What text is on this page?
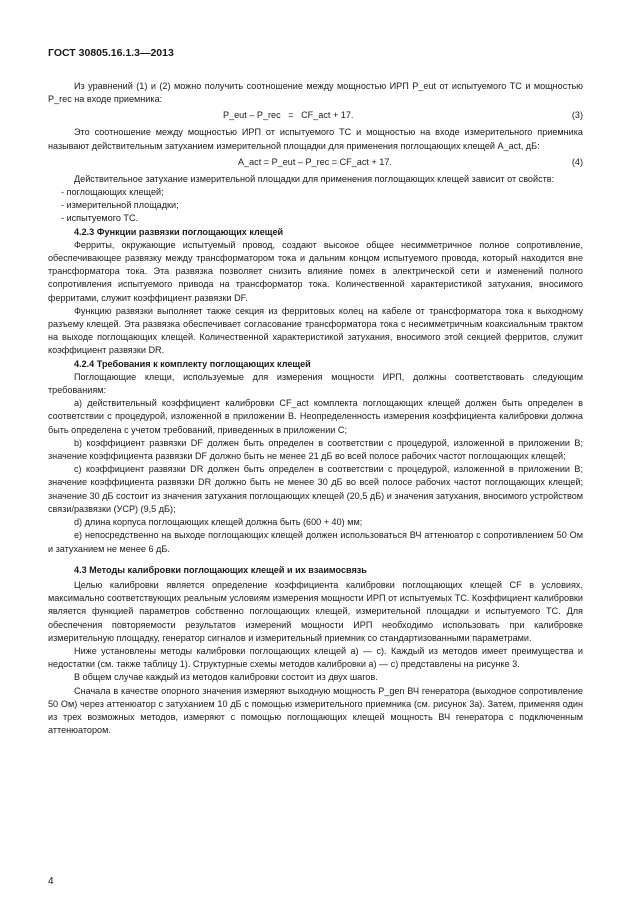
ГОСТ 30805.16.1.3—2013

Из уравнений (1) и (2) можно получить соотношение между мощностью ИРП P_eut от испытуемого ТС и мощностью P_rec на входе приемника:

P_eut – P_rec   =   CF_act + 17.	(3)

Это соотношение между мощностью ИРП от испытуемого ТС и мощностью на входе измерительного приемника называют действительным затуханием измерительной площадки для применения поглощающих клещей A_act, дБ:

A_act = P_eut – P_rec = CF_act + 17.	(4)

Действительное затухание измерительной площадки для применения поглощающих клещей зависит от свойств:

- поглощающих клещей;

- измерительной площадки;

- испытуемого ТС.

4.2.3 Функции развязки поглощающих клещей

Ферриты, окружающие испытуемый провод, создают высокое общее несимметричное полное сопротивление, обеспечивающее развязку между трансформатором тока и дальним концом испытуемого провода, который находится вне трансформатора тока. Эта развязка позволяет снизить влияние помех в электрической сети и изменений полного сопротивления испытуемого привода на трансформатор тока. Количественной характеристикой затухания, вносимого ферритами, служит коэффициент развязки DF.

Функцию развязки выполняет также секция из ферритовых колец на кабеле от трансформатора тока к выходному разъему клещей. Эта развязка обеспечивает согласование трансформатора тока с несимметричным коаксиальным трактом на выходе поглощающих клещей. Количественной характеристикой затухания, вносимого этой секцией ферритов, служит коэффициент развязки DR.

4.2.4 Требования к комплекту поглощающих клещей

Поглощающие клещи, используемые для измерения мощности ИРП, должны соответствовать следующим требованиям:

а) действительный коэффициент калибровки CF_act комплекта поглощающих клещей должен быть определен в соответствии с процедурой, изложенной в приложении В. Неопределенность измерения коэффициента калибровки должна быть определена с учетом требований, приведенных в приложении С;

b) коэффициент развязки DF должен быть определен в соответствии с процедурой, изложенной в приложении В; значение коэффициента развязки DF должно быть не менее 21 дБ во всей полосе рабочих частот поглощающих клещей;

с) коэффициент развязки DR должен быть определен в соответствии с процедурой, изложенной в приложении В; значение коэффициента развязки DR должно быть не менее 30 дБ во всей полосе рабочих частот поглощающих клещей; значение 30 дБ состоит из значения затухания поглощающих клещей (20,5 дБ) и значения затухания, вносимого устройством связи/развязки (УСР) (9,5 дБ);

d) длина корпуса поглощающих клещей должна быть (600 + 40) мм;

е) непосредственно на выходе поглощающих клещей должен использоваться ВЧ аттенюатор с сопротивлением 50 Ом и затуханием не менее 6 дБ.

4.3 Методы калибровки поглощающих клещей и их взаимосвязь

Целью калибровки является определение коэффициента калибровки поглощающих клещей CF в условиях, максимально соответствующих реальным условиям измерения мощности ИРП от испытуемых ТС. Коэффициент калибровки является функцией параметров собственно поглощающих клещей, измерительной площадки и испытуемого ТС. Для обеспечения повторяемости результатов измерений мощности ИРП необходимо использовать при калибровке измерительную площадку, генератор сигналов и измерительный приемник со стандартизованными параметрами.

Ниже установлены методы калибровки поглощающих клещей а) — с). Каждый из методов имеет преимущества и недостатки (см. также таблицу 1). Структурные схемы методов калибровки а) — с) представлены на рисунке 3.

В общем случае каждый из методов калибровки состоит из двух шагов.

Сначала в качестве опорного значения измеряют выходную мощность P_gen ВЧ генератора (выходное сопротивление 50 Ом) через аттенюатор с затуханием 10 дБ с помощью измерительного приемника (см. рисунок 3а). Затем, применяя один из трех возможных методов, измеряют с помощью поглощающих клещей мощность ВЧ генератора с подключенным аттенюатором.

4
